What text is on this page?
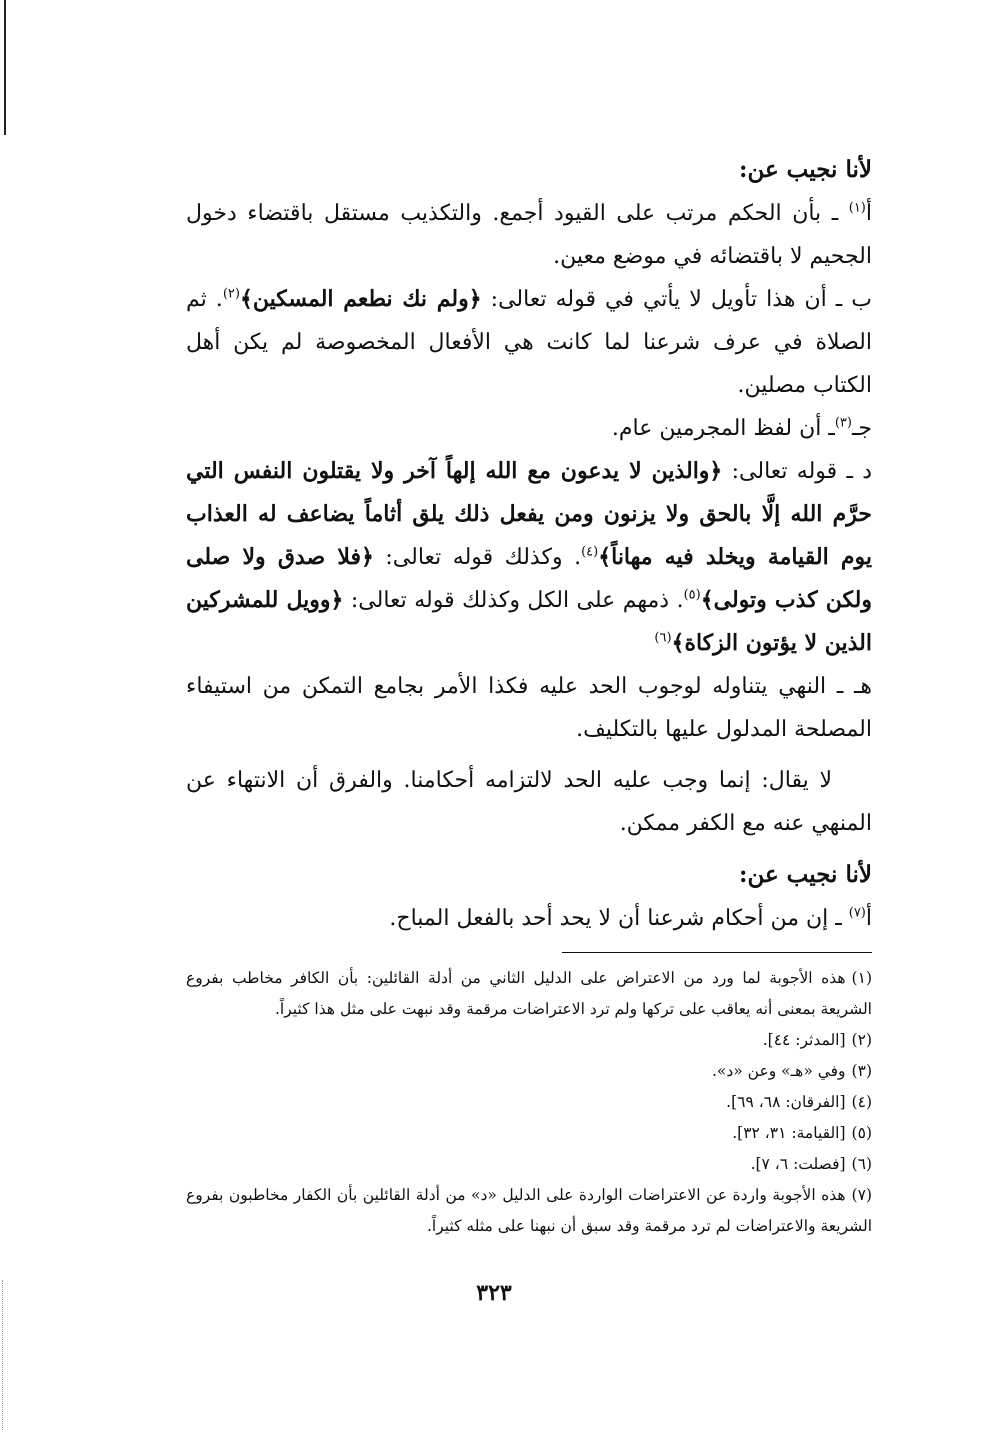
لأنا نجيب عن:

أ$^{(١)}$ ـ بأن الحكم مرتب على القيود أجمع. والتكذيب مستقل باقتضاء دخول الجحيم لا باقتضائه في موضع معين.

ب ـ أن هذا تأويل لا يأتي في قوله تعالى: ﴿ولم نك نطعم المسكين﴾$^{(٢)}$. ثم الصلاة في عرف شرعنا لما كانت هي الأفعال المخصوصة لم يكن أهل الكتاب مصلين.

جـ$^{(٣)}$ـ أن لفظ المجرمين عام.

د ـ قوله تعالى: ﴿والذين لا يدعون مع الله إلهاً آخر ولا يقتلون النفس التي حرَّم الله إلَّا بالحق ولا يزنون ومن يفعل ذلك يلق أثاماً يضاعف له العذاب يوم القيامة ويخلد فيه مهاناً﴾$^{(٤)}$. وكذلك قوله تعالى: ﴿فلا صدق ولا صلى ولكن كذب وتولى﴾$^{(٥)}$. ذمهم على الكل وكذلك قوله تعالى: ﴿وويل للمشركين الذين لا يؤتون الزكاة﴾$^{(٦)}$

هـ ـ النهي يتناوله لوجوب الحد عليه فكذا الأمر بجامع التمكن من استيفاء المصلحة المدلول عليها بالتكليف.

لا يقال: إنما وجب عليه الحد لالتزامه أحكامنا. والفرق أن الانتهاء عن المنهي عنه مع الكفر ممكن.

لأنا نجيب عن:

أ$^{(٧)}$ ـ إن من أحكام شرعنا أن لا يحد أحد بالفعل المباح.

(١)هذه الأجوبة لما ورد من الاعتراض على الدليل الثاني من أدلة القائلين: بأن الكافر مخاطب بفروع الشريعة بمعنى أنه يعاقب على تركها ولم ترد الاعتراضات مرقمة وقد نبهت على مثل هذا كثيراً.

(٢)[المدثر: ٤٤].

(٣)وفي «هـ» وعن «د».

(٤)[الفرقان: ٦٨، ٦٩].

(٥)[القيامة: ٣١، ٣٢].

(٦)[فصلت: ٦، ٧].

(٧)هذه الأجوبة واردة عن الاعتراضات الواردة على الدليل «د» من أدلة القائلين بأن الكفار مخاطبون بفروع الشريعة والاعتراضات لم ترد مرقمة وقد سبق أن نبهنا على مثله كثيراً.

٣٢٣
